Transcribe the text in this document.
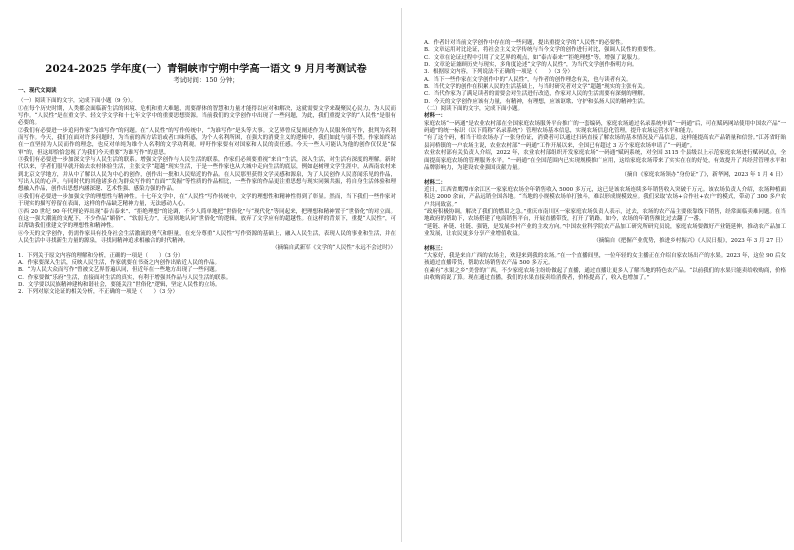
2024-2025 学年度(一）青铜峡市宁朔中学高一语文 9 月月考测试卷
考试时间：150 分钟；

一、现代文阅读

（一）阅读下面的文字，完成下面小题（9 分）。

①在每个历史时期，人类都会面临新生活的困境、危机和重大难题，需要群体的智慧和力量才能得以应对和解决，这就需要文学来凝聚民心民力，为人民而写作。“人民性”是在重文学、轻文学文学和十七年文学中的重要思想资源。当前我们的文学创作中出现了一些问题，为此，我们重提文学的“人民性”是很有必要的。

②我们有必要进一步追问作家“为谁写作”的问题。在“人民性”的写作传统中，“为谁写作”是头等大事。文艺界曾反复阐述作为人民服务的写作，批判为名利而写作。今天，我们在面对许多问题时，为当前的西方话语或者口味所惑，为个人名利所困，在强大的消费主义的逻辑中，我们如此与弱不禁。作家始终站在一直坚持为人民而作的理念，也反对单纯为维个人名利的文学功利观。呼吁作家要有对国家和人民的责任感。今天一些人可能认为他的创作仅仅是“保审”的，但这却恰恰忽视了为我们今天重要“为谁写作”的意思。

③我们有必要进一步加深文学与人民生活的联系。增强文学创作与人民生活的联系，作家们必须要重视“来自”生活，深入生活，对生活有深度的理解。新时代以来，学者们很早就开始去农村体验生活，主张文学“超越”现实生活，于是一些作家也从大城中走向生活的底层，例如赵树理文学生涯中，从西南农村来到北京文学地方，并从中了解以人民为中心的创作，创作出一批和人民贴近的作品。在人民那里获得文学灵感和源泉，为了人民创作人民喜闻乐见的作品，写出人民的心声。与同时代的其他诸多在为群众写作的“直面”“发掘”等性质的作品相比，一些作家的作品更注重思想与现实同频共振，将自身生活体验和理想融入作品，创作出思想内涵深邃、艺术性强、感染力强的作品。

④我们有必要进一步加强文学的理想性与精神性。十七年文学中，在“人民性”写作传统中，文学的理想性和精神性得到了彰显。然而，当下我们一些作家对于现实的描写停留在表面，这样的作品缺乏精神力量，无法感动人心。

⑤西 20 世纪 90 年代理论界出现“泰吉泰来”、“拒绝理想”的论调，不少人简单地把“世俗化”与“现代化”等同起来，把理想和精神置于“世俗化”的对立面。在这一强大潮流的支配下，不少作品“媚俗”、“软弱无力”，无原则地认同“世俗化”的逻辑，放弃了文学应有的超越性。在这样的背景下，重提“人民性”，可以帮助我们重建文学的理想性和精神性。

⑥今天的文学创作，仍需作家具有投身社会生活激流的勇气和胆量，在充分尊重“人民性”写作资源的基础上，融入人民生活，表现人民的事业和生活，并在人民生活中寻找新生力量的源泉，寻找同精神追求相融合的时代精神。

（摘编自武新军《文学的“人民性”永远不会过时》）

1．下列关于原文内容的理解和分析，正确的一项是（　　）（3 分）

A．作家要深入生活，反映人民生活，作家就要在书斋之内创作出贴近人民的作品。

B．“为人民大众而写作”曾被文艺界普遍认同，但近年在一些地方出现了一些问题。

C．作家要做“乐府”生活，直接面对生活的真实，有利于增强其作品与人民生活的联系。

D．文学要以民族精神建构和谐社会，要能关注“世俗化”逻辑，坚定人民性的立场。

2．下列对原文论证的相关分析，不正确的一项是（　　）（3 分）

A．作者针对当前文学创作中存在的一些问题，提出重提文学的“人民性”的必要性。

B．文章运用对比论证，将社会主义文学传统与当今文学的创作进行对比，强调人民性的重要性。

C．文章在论证过程中引用了文艺界的观点，如“泰吉泰来”“拒绝理想”等，增强了说服力。

D．文章论证兼顾历史与现实，多角度论述“文学的人民性”，为当代文学创作指明方向。

3．根据原文内容，下列说法不正确的一项是（　　）（3 分）

A．当下一些作家在文学创作中的“人民性”，与作者的创作理念有关，也与读者有关。

B．当代文学的创作在积累人民的生活基础上，与当时研究者对文学“超越”现实的主张有关。

C．当代作家为了满足读者的需要会对生活进行改造，作家对人民的生活需要有深刻的理解。

D．今天的文学创作应该有力量，有精神，有理想，应该讴歌、守护和弘扬人民的精神生活。

（二）阅读下面的文字，完成下面小题。

材料一：

家庭农场“一码通”是农业农村部在全国家庭农场服务平台推广的一套编码，家庭农场通过名录系统申请“一码通”后，可在赋码网站使用中国农产品“一码通”的统一标识（以下简称“名录系统”）管理农场基本信息，实现农场信息化管理，提升农场运营水平和能力。

“有了这个码，相当于给农场办了一张身份证，消费者可以通过扫码直接了解农场的基本情况及产品信息，这样能提高农产品销量和信誉。”江苏省盱眙县河桥镇的一户农场主说，农业农村部“一码通”工作开展以来，全国已有超过 3 万个家庭农场申请了“一码通”。

农业农村部有关负责人介绍，2022 年，农业农村部组织开发家庭农场“一码通”赋码系统，对全国 3115 个县级以上示范家庭农场进行赋码试点，全面提高家庭农场的管理服务水平。“一码通”在全国范围内已实现规模推广应用，这给家庭农场带来了实实在在的好处，有效提升了其经营管理水平和品牌影响力，为建设农业强国贡献力量。

（摘自《家庭农场领办“身份证”了》，新华网，2023 年 1 月 4 日）

材料二：

近日，江西省鹰潭市余江区一家家庭农场全年销售收入 5000 多万元，这已是该农场连续多年销售收入突破千万元。该农场负责人介绍，农场种植面积达 2000 余亩，产品远销全国各地。“当地的小规模农场单打独斗，难以形成规模效应。我们采取‘农场+合作社+农户’的模式，带动了 300 多户农户共同致富。”

“政府积极协调，解决了我们的燃眉之急。”重庆市南川区一家家庭农场负责人表示，过去，农场的农产品主要依靠线下销售，经常面临卖难问题。在当地政府的帮助下，农场搭建了电商销售平台，开展直播带货，打开了销路。如今，农场的年销售额比过去翻了一番。

“延链、补链、壮链、强链，是发展乡村产业的主攻方向。”中国农业科学院农产品加工研究所研究员说，家庭农场要做好产业链延伸，推动农产品加工业发展，让农民更多分享产业增值收益。

（摘编自《把握产业优势，推进乡村振兴》《人民日报》，2023 年 3 月 27 日）

材料三：

“大家好，我是来自广西的农场主，欢迎来到我的农场。”在一个直播间里，一位年轻的女主播正在介绍自家农场出产的水果。2023 年，这位 90 后女孩通过直播带货，帮助农场销售农产品 500 多万元。

在素有“水果之乡”美誉的广西，不少家庭农场主纷纷做起了直播，通过直播让更多人了解当地的特色农产品。“以前我们的水果只能卖给收购商，价格由收购商说了算。现在通过直播，我们的水果直接卖给消费者，价格提高了，收入也增加了。”
